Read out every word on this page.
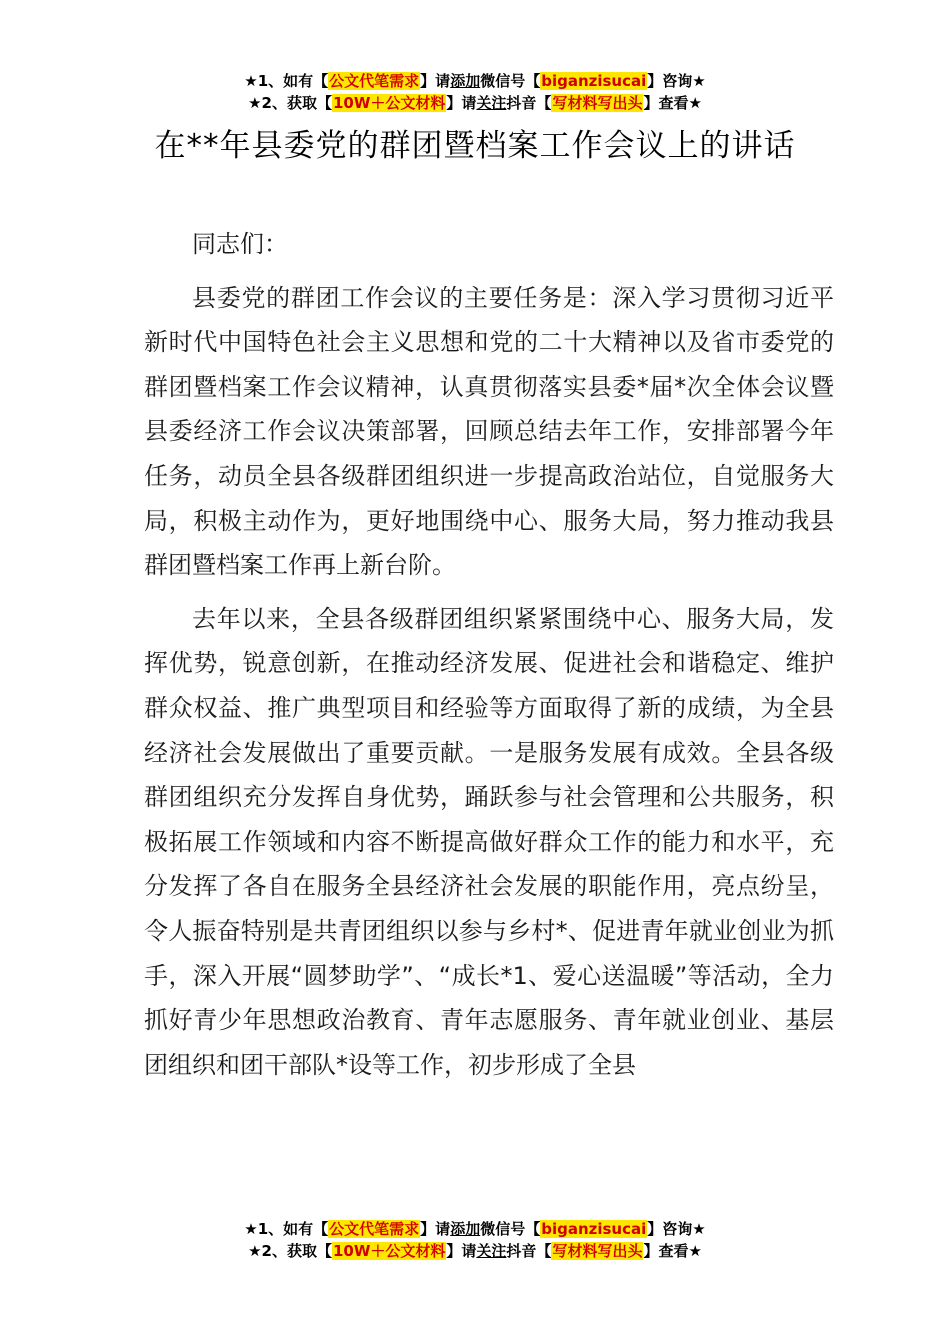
★1、如有【公文代笔需求】请添加微信号【biganzisucai】咨询★
★2、获取【10W＋公文材料】请关注抖音【写材料写出头】查看★
在**年县委党的群团暨档案工作会议上的讲话

同志们：

县委党的群团工作会议的主要任务是：深入学习贯彻习近平新时代中国特色社会主义思想和党的二十大精神以及省市委党的群团暨档案工作会议精神，认真贯彻落实县委*届*次全体会议暨县委经济工作会议决策部署，回顾总结去年工作，安排部署今年任务，动员全县各级群团组织进一步提高政治站位，自觉服务大局，积极主动作为，更好地围绕中心、服务大局，努力推动我县群团暨档案工作再上新台阶。

去年以来，全县各级群团组织紧紧围绕中心、服务大局，发挥优势，锐意创新，在推动经济发展、促进社会和谐稳定、维护群众权益、推广典型项目和经验等方面取得了新的成绩，为全县经济社会发展做出了重要贡献。一是服务发展有成效。全县各级群团组织充分发挥自身优势，踊跃参与社会管理和公共服务，积极拓展工作领域和内容不断提高做好群众工作的能力和水平，充分发挥了各自在服务全县经济社会发展的职能作用，亮点纷呈，令人振奋特别是共青团组织以参与乡村*、促进青年就业创业为抓手，深入开展“圆梦助学”、“成长*1、爱心送温暖”等活动，全力抓好青少年思想政治教育、青年志愿服务、青年就业创业、基层团组织和团干部队*设等工作，初步形成了全县

★1、如有【公文代笔需求】请添加微信号【biganzisucai】咨询★
★2、获取【10W＋公文材料】请关注抖音【写材料写出头】查看★
